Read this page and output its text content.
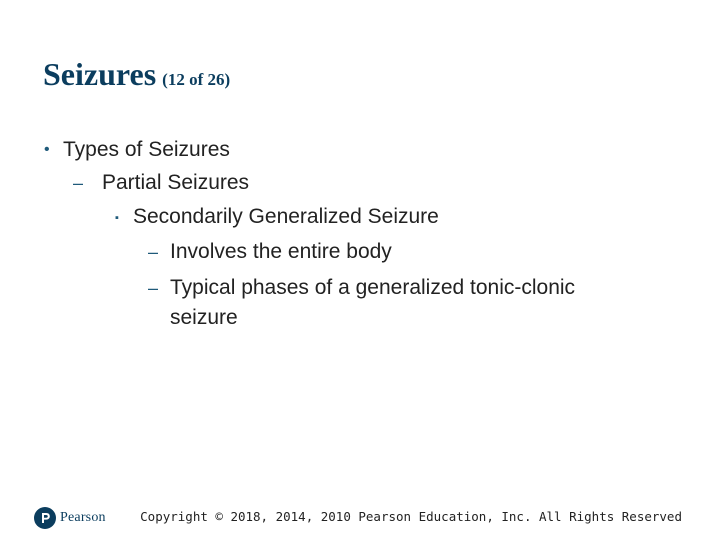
Seizures (12 of 26)
• Types of Seizures
– Partial Seizures
▪ Secondarily Generalized Seizure
– Involves the entire body
– Typical phases of a generalized tonic-clonic
seizure
Pearson	Copyright © 2018, 2014, 2010 Pearson Education, Inc. All Rights Reserved
